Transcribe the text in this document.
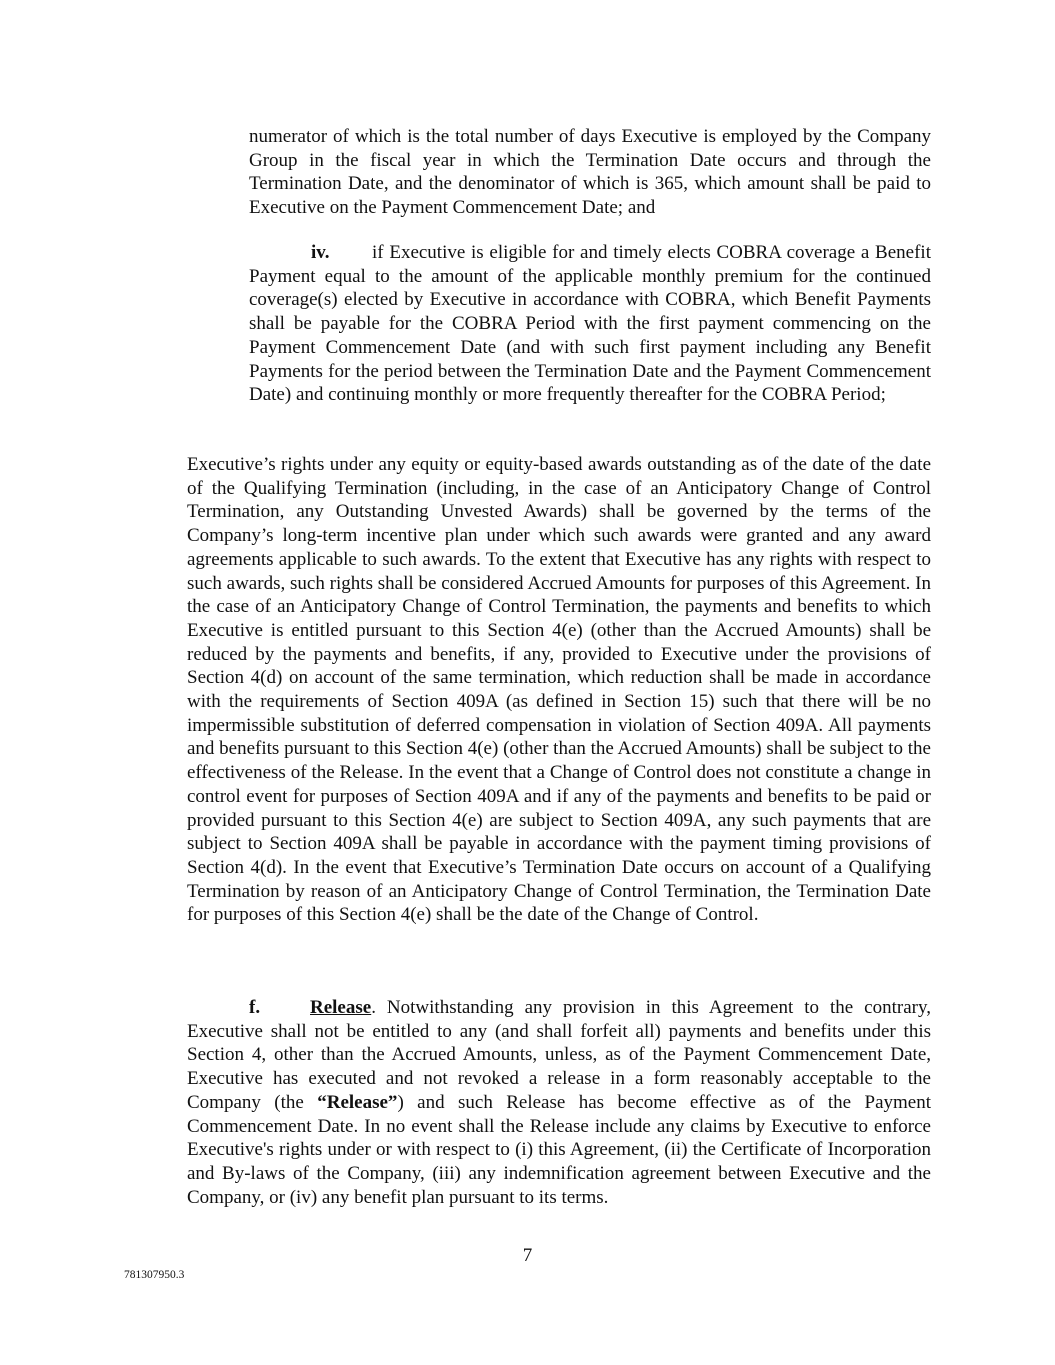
numerator of which is the total number of days Executive is employed by the Company Group in the fiscal year in which the Termination Date occurs and through the Termination Date, and the denominator of which is 365, which amount shall be paid to Executive on the Payment Commencement Date; and

iv. if Executive is eligible for and timely elects COBRA coverage a Benefit Payment equal to the amount of the applicable monthly premium for the continued coverage(s) elected by Executive in accordance with COBRA, which Benefit Payments shall be payable for the COBRA Period with the first payment commencing on the Payment Commencement Date (and with such first payment including any Benefit Payments for the period between the Termination Date and the Payment Commencement Date) and continuing monthly or more frequently thereafter for the COBRA Period;

Executive’s rights under any equity or equity-based awards outstanding as of the date of the date of the Qualifying Termination (including, in the case of an Anticipatory Change of Control Termination, any Outstanding Unvested Awards) shall be governed by the terms of the Company’s long-term incentive plan under which such awards were granted and any award agreements applicable to such awards. To the extent that Executive has any rights with respect to such awards, such rights shall be considered Accrued Amounts for purposes of this Agreement. In the case of an Anticipatory Change of Control Termination, the payments and benefits to which Executive is entitled pursuant to this Section 4(e) (other than the Accrued Amounts) shall be reduced by the payments and benefits, if any, provided to Executive under the provisions of Section 4(d) on account of the same termination, which reduction shall be made in accordance with the requirements of Section 409A (as defined in Section 15) such that there will be no impermissible substitution of deferred compensation in violation of Section 409A. All payments and benefits pursuant to this Section 4(e) (other than the Accrued Amounts) shall be subject to the effectiveness of the Release. In the event that a Change of Control does not constitute a change in control event for purposes of Section 409A and if any of the payments and benefits to be paid or provided pursuant to this Section 4(e) are subject to Section 409A, any such payments that are subject to Section 409A shall be payable in accordance with the payment timing provisions of Section 4(d). In the event that Executive’s Termination Date occurs on account of a Qualifying Termination by reason of an Anticipatory Change of Control Termination, the Termination Date for purposes of this Section 4(e) shall be the date of the Change of Control.

f.	Release. Notwithstanding any provision in this Agreement to the contrary, Executive shall not be entitled to any (and shall forfeit all) payments and benefits under this Section 4, other than the Accrued Amounts, unless, as of the Payment Commencement Date, Executive has executed and not revoked a release in a form reasonably acceptable to the Company (the “Release”) and such Release has become effective as of the Payment Commencement Date. In no event shall the Release include any claims by Executive to enforce Executive's rights under or with respect to (i) this Agreement, (ii) the Certificate of Incorporation and By-laws of the Company, (iii) any indemnification agreement between Executive and the Company, or (iv) any benefit plan pursuant to its terms.

7

781307950.3
